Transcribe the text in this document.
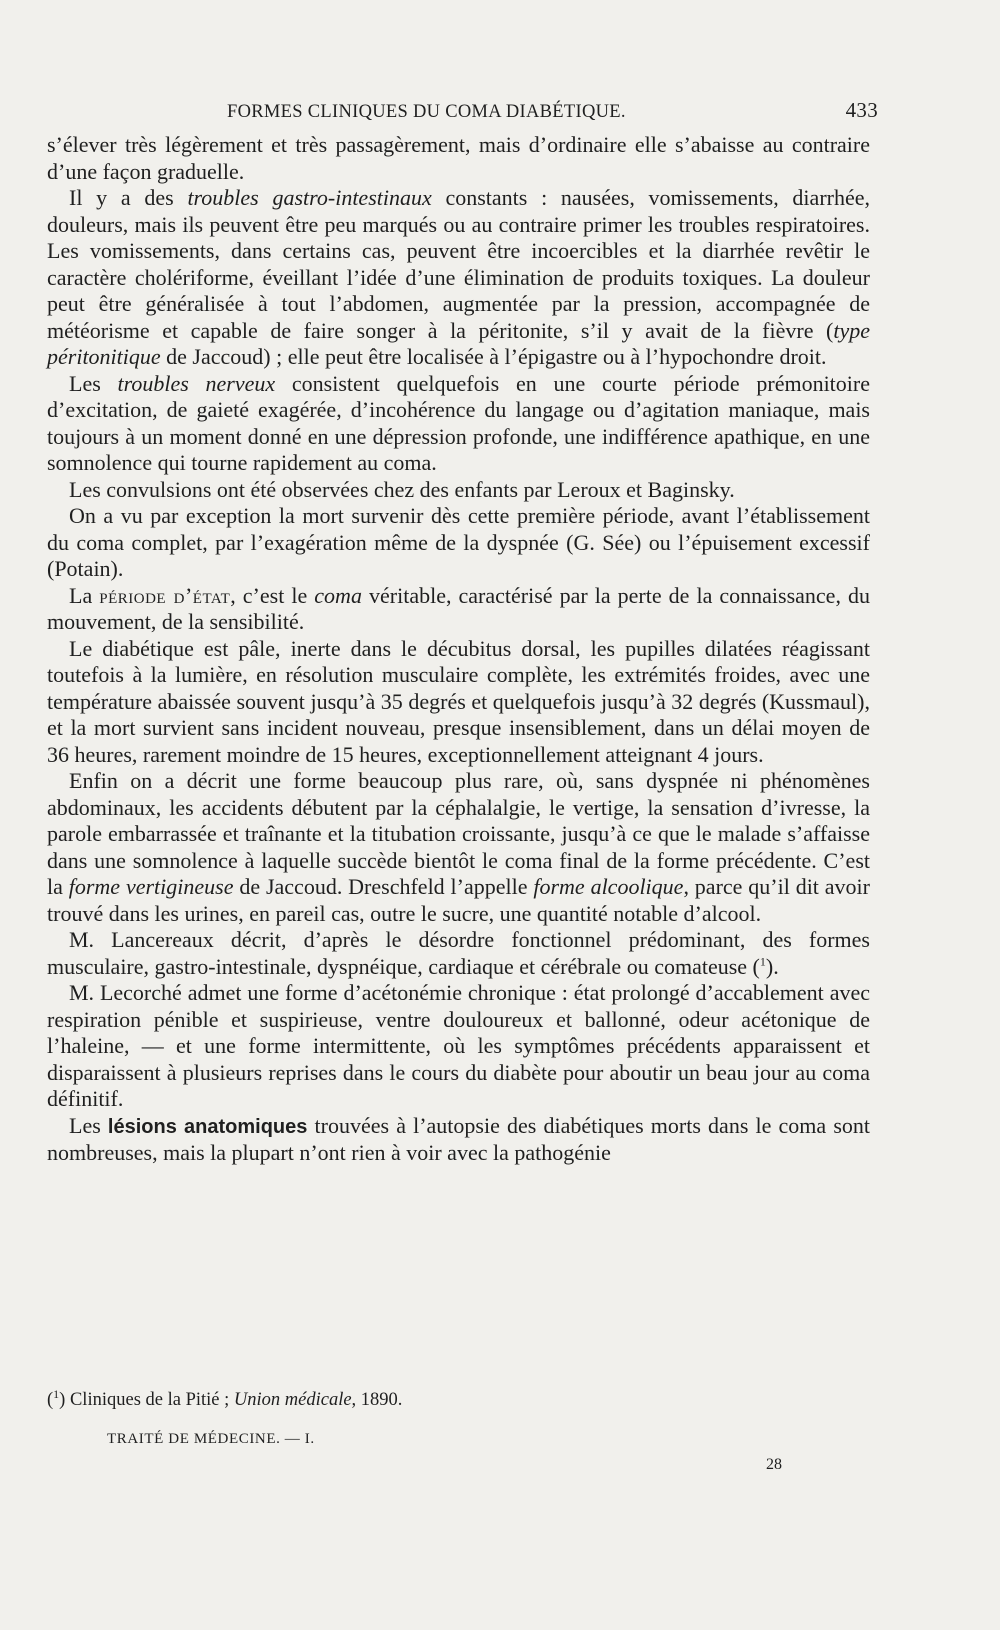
FORMES CLINIQUES DU COMA DIABÉTIQUE.	433

s’élever très légèrement et très passagèrement, mais d’ordinaire elle s’abaisse au contraire d’une façon graduelle.

Il y a des troubles gastro-intestinaux constants : nausées, vomissements, diarrhée, douleurs, mais ils peuvent être peu marqués ou au contraire primer les troubles respiratoires. Les vomissements, dans certains cas, peuvent être incoercibles et la diarrhée revêtir le caractère cholériforme, éveillant l’idée d’une élimination de produits toxiques. La douleur peut être généralisée à tout l’abdomen, augmentée par la pression, accompagnée de météorisme et capable de faire songer à la péritonite, s’il y avait de la fièvre (type péritonitique de Jaccoud) ; elle peut être localisée à l’épigastre ou à l’hypochondre droit.

Les troubles nerveux consistent quelquefois en une courte période prémonitoire d’excitation, de gaieté exagérée, d’incohérence du langage ou d’agitation maniaque, mais toujours à un moment donné en une dépression profonde, une indifférence apathique, en une somnolence qui tourne rapidement au coma.

Les convulsions ont été observées chez des enfants par Leroux et Baginsky.

On a vu par exception la mort survenir dès cette première période, avant l’établissement du coma complet, par l’exagération même de la dyspnée (G. Sée) ou l’épuisement excessif (Potain).

La période d’état, c’est le coma véritable, caractérisé par la perte de la connaissance, du mouvement, de la sensibilité.

Le diabétique est pâle, inerte dans le décubitus dorsal, les pupilles dilatées réagissant toutefois à la lumière, en résolution musculaire complète, les extrémités froides, avec une température abaissée souvent jusqu’à 35 degrés et quelquefois jusqu’à 32 degrés (Kussmaul), et la mort survient sans incident nouveau, presque insensiblement, dans un délai moyen de 36 heures, rarement moindre de 15 heures, exceptionnellement atteignant 4 jours.

Enfin on a décrit une forme beaucoup plus rare, où, sans dyspnée ni phénomènes abdominaux, les accidents débutent par la céphalalgie, le vertige, la sensation d’ivresse, la parole embarrassée et traînante et la titubation croissante, jusqu’à ce que le malade s’affaisse dans une somnolence à laquelle succède bientôt le coma final de la forme précédente. C’est la forme vertigineuse de Jaccoud. Dreschfeld l’appelle forme alcoolique, parce qu’il dit avoir trouvé dans les urines, en pareil cas, outre le sucre, une quantité notable d’alcool.

M. Lancereaux décrit, d’après le désordre fonctionnel prédominant, des formes musculaire, gastro-intestinale, dyspnéique, cardiaque et cérébrale ou comateuse ($^1$).

M. Lecorché admet une forme d’acétonémie chronique : état prolongé d’accablement avec respiration pénible et suspirieuse, ventre douloureux et ballonné, odeur acétonique de l’haleine, — et une forme intermittente, où les symptômes précédents apparaissent et disparaissent à plusieurs reprises dans le cours du diabète pour aboutir un beau jour au coma définitif.

Les lésions anatomiques trouvées à l’autopsie des diabétiques morts dans le coma sont nombreuses, mais la plupart n’ont rien à voir avec la pathogénie

($^1$) Cliniques de la Pitié ; Union médicale, 1890.
TRAITÉ DE MÉDECINE. — I.
28
